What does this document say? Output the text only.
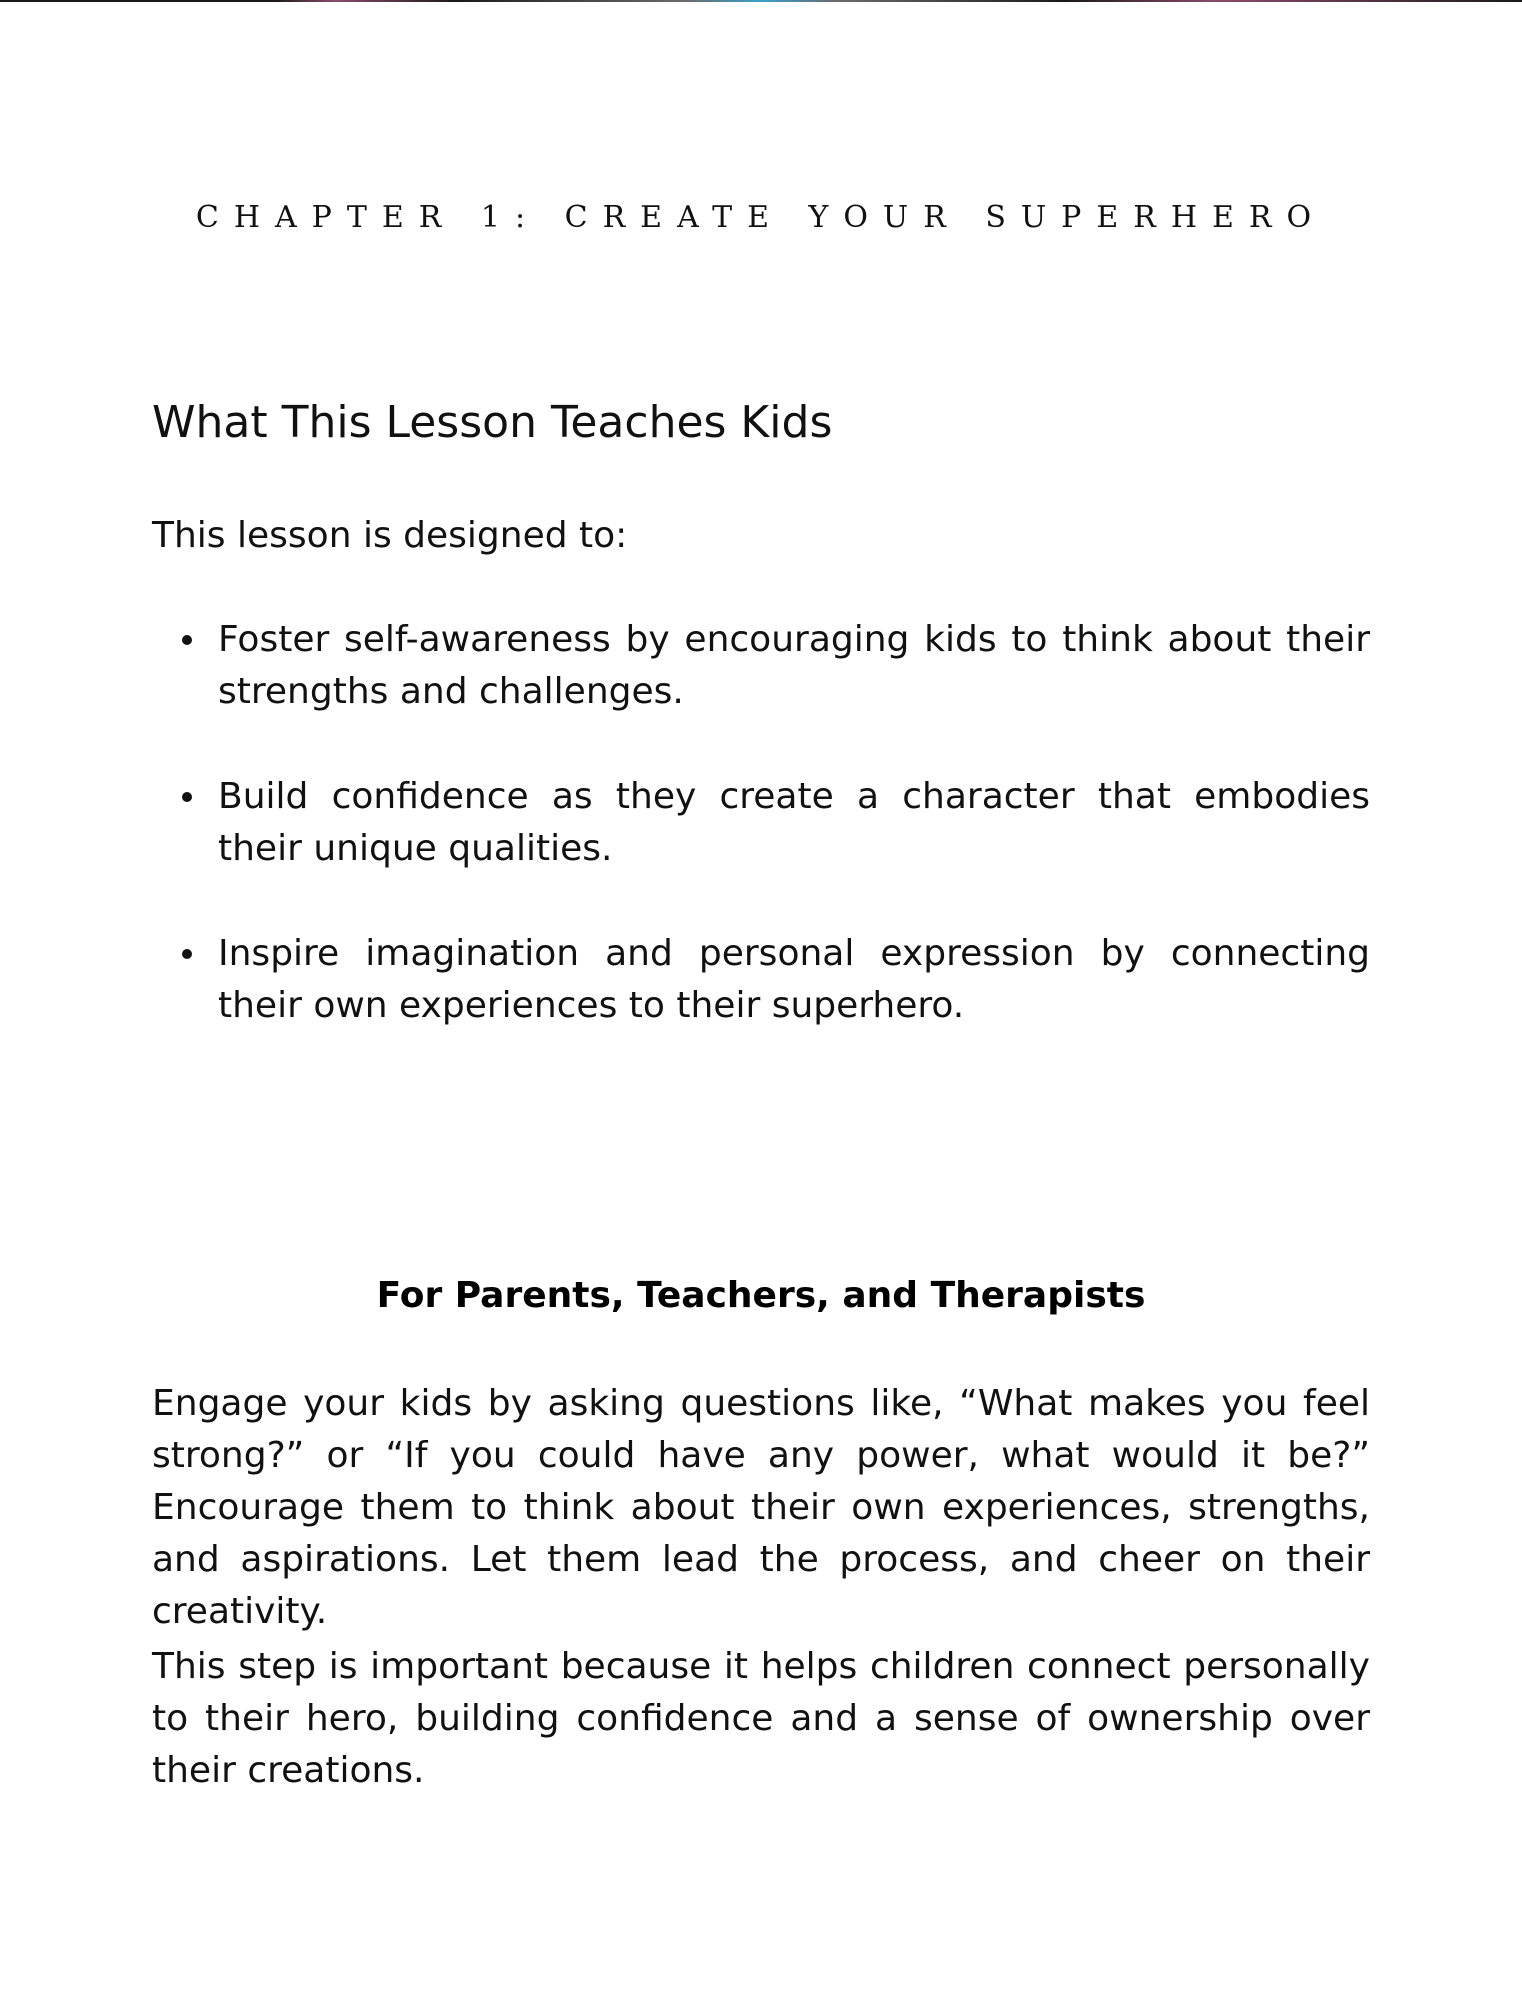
CHAPTER 1: CREATE YOUR SUPERHERO
What This Lesson Teaches Kids

This lesson is designed to:

Foster self-awareness by encouraging kids to think about their strengths and challenges.
Build confidence as they create a character that embodies their unique qualities.
Inspire imagination and personal expression by connecting their own experiences to their superhero.
For Parents, Teachers, and Therapists

Engage your kids by asking questions like, “What makes you feel strong?” or “If you could have any power, what would it be?” Encourage them to think about their own experiences, strengths, and aspirations. Let them lead the process, and cheer on their creativity.

This step is important because it helps children connect personally to their hero, building confidence and a sense of ownership over their creations.
